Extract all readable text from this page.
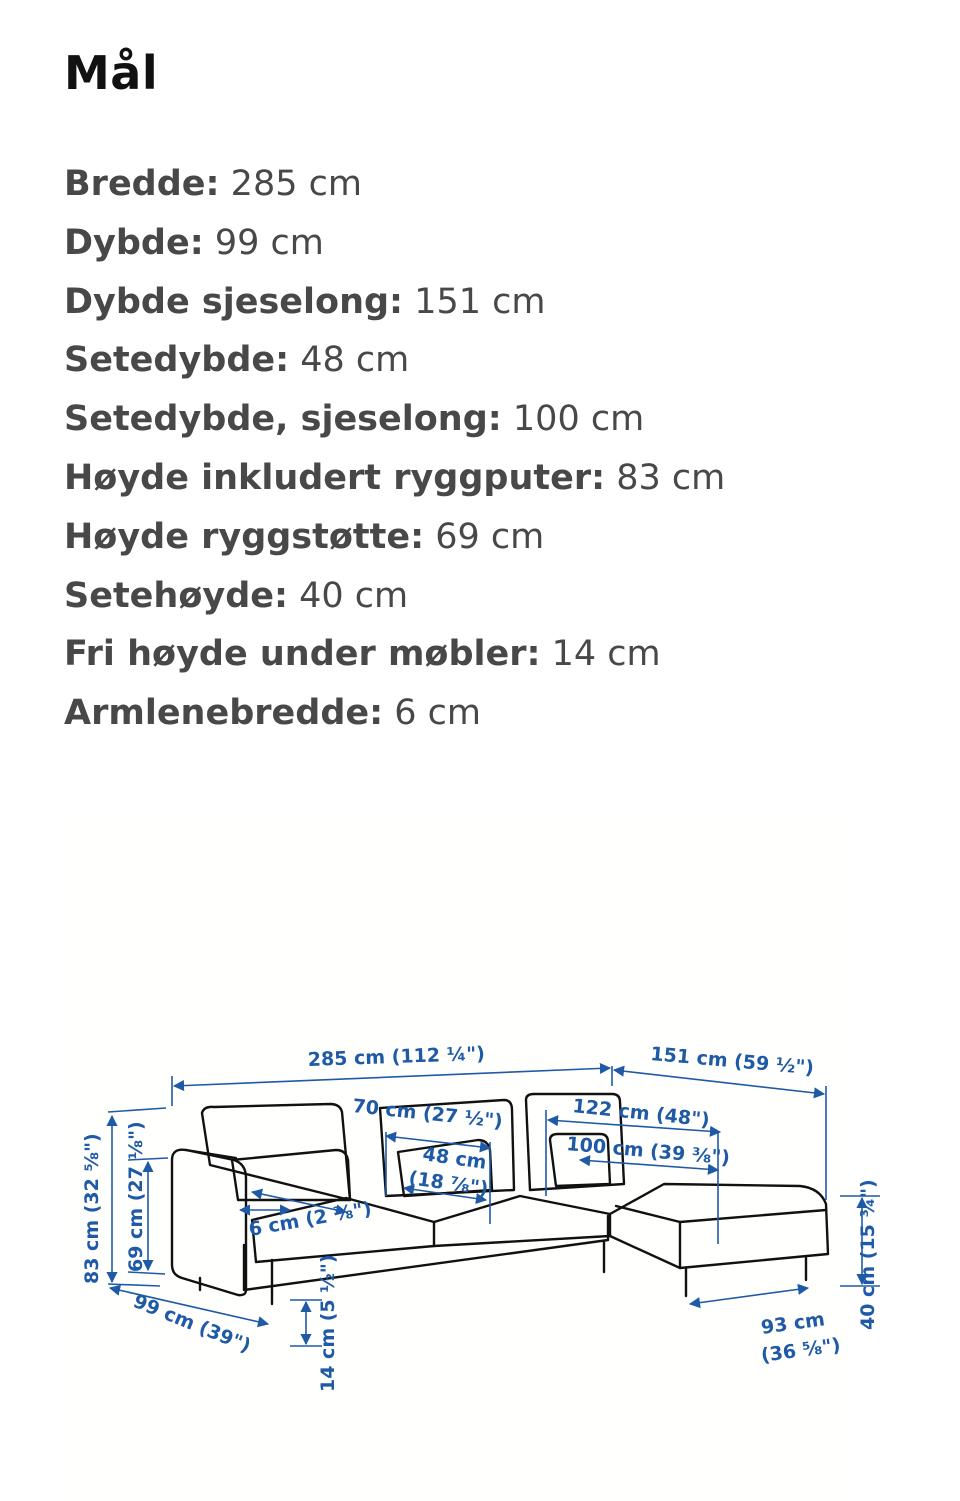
Mål
Bredde: 285 cm
Dybde: 99 cm
Dybde sjeselong: 151 cm
Setedybde: 48 cm
Setedybde, sjeselong: 100 cm
Høyde inkludert ryggputer: 83 cm
Høyde ryggstøtte: 69 cm
Setehøyde: 40 cm
Fri høyde under møbler: 14 cm
Armlenebredde: 6 cm
285 cm (112 ¼")	151 cm (59 ½")
70 cm (27 ½")	122 cm (48")
48 cm
(18 ⅞")
100 cm (39 ⅜")
6 cm (2 ⅜")
83 cm (32 ⅝") 69 cm (27 ⅛")
99 cm (39")	14 cm (5 ½")	93 cm
(36 ⅝")
40 cm (15 ¾")
